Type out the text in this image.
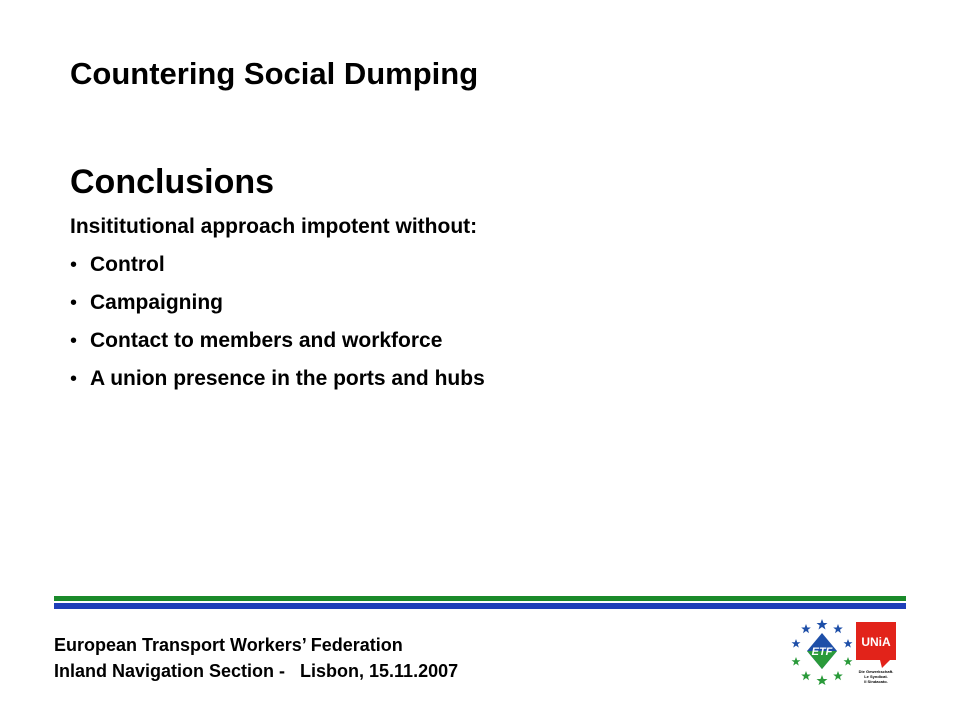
Countering Social Dumping
Conclusions
Insititutional approach impotent without:
• Control
• Campaigning
• Contact to members and workforce
• A union presence in the ports and hubs
European Transport Workers’ Federation
Inland Navigation Section -   Lisbon, 15.11.2007
ETF
UNiA
Die Gewerkschaft.
Le Syndicat.
Il Sindacato.
